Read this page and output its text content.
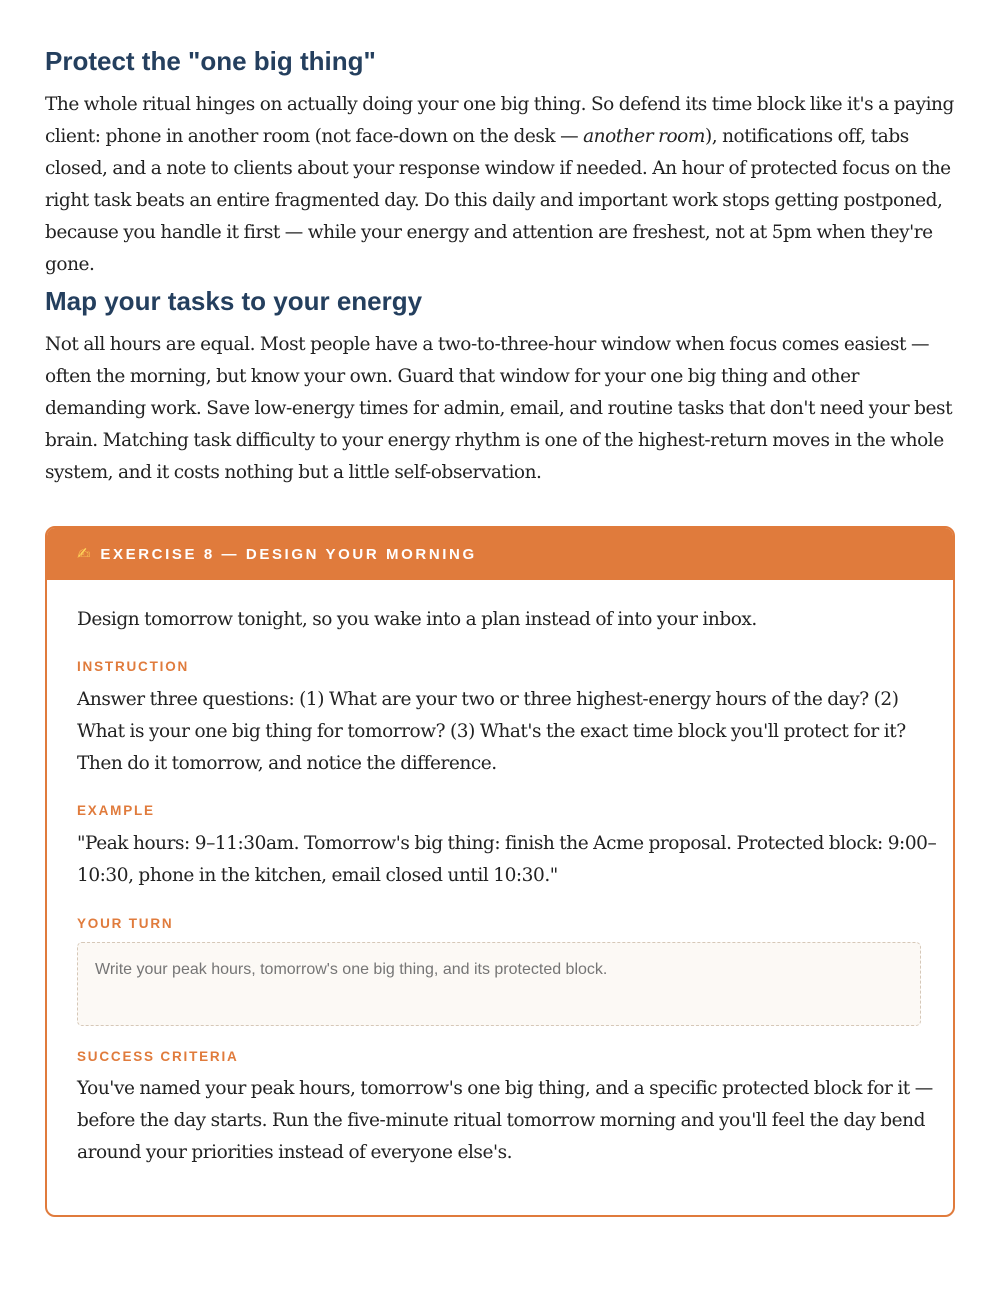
Protect the "one big thing"

The whole ritual hinges on actually doing your one big thing. So defend its time block like it's a paying client: phone in another room (not face-down on the desk — another room), notifications off, tabs closed, and a note to clients about your response window if needed. An hour of protected focus on the right task beats an entire fragmented day. Do this daily and important work stops getting postponed, because you handle it first — while your energy and attention are freshest, not at 5pm when they're gone.

Map your tasks to your energy

Not all hours are equal. Most people have a two-to-three-hour window when focus comes easiest — often the morning, but know your own. Guard that window for your one big thing and other demanding work. Save low-energy times for admin, email, and routine tasks that don't need your best brain. Matching task difficulty to your energy rhythm is one of the highest-return moves in the whole system, and it costs nothing but a little self-observation.

✍ EXERCISE 8 — DESIGN YOUR MORNING
Design tomorrow tonight, so you wake into a plan instead of into your inbox.
INSTRUCTION

Answer three questions: (1) What are your two or three highest-energy hours of the day? (2) What is your one big thing for tomorrow? (3) What's the exact time block you'll protect for it? Then do it tomorrow, and notice the difference.

EXAMPLE

"Peak hours: 9–11:30am. Tomorrow's big thing: finish the Acme proposal. Protected block: 9:00–10:30, phone in the kitchen, email closed until 10:30."

YOUR TURN
Write your peak hours, tomorrow's one big thing, and its protected block.
SUCCESS CRITERIA

You've named your peak hours, tomorrow's one big thing, and a specific protected block for it — before the day starts. Run the five-minute ritual tomorrow morning and you'll feel the day bend around your priorities instead of everyone else's.
